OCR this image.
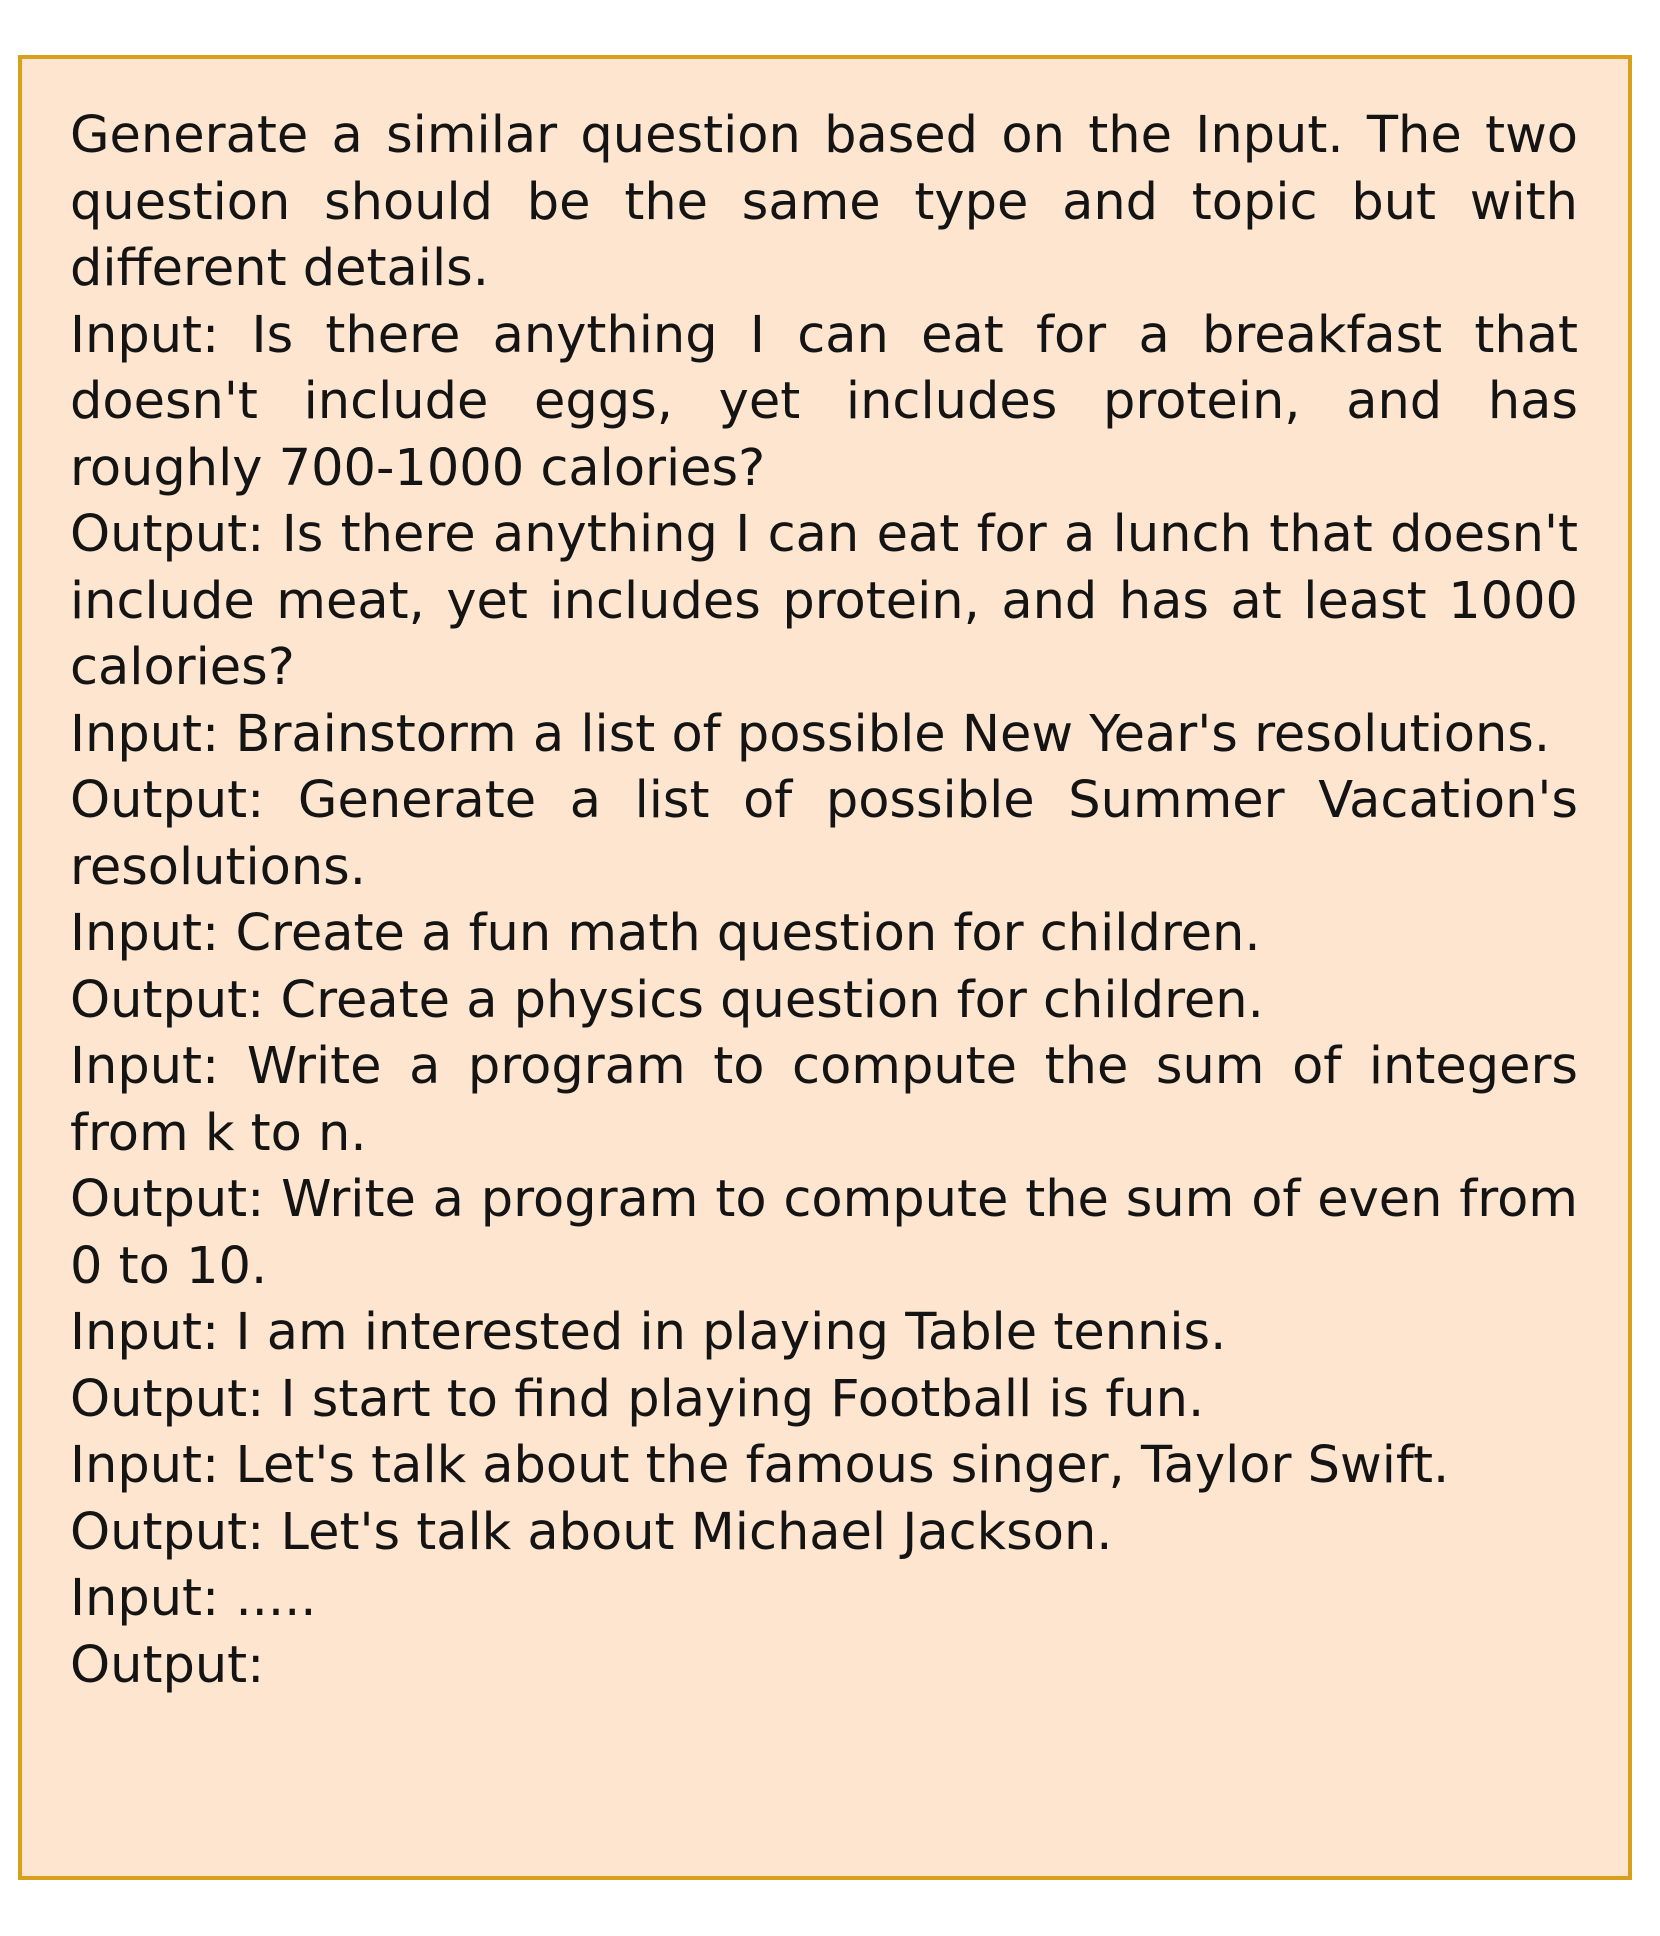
Generate a similar question based on the Input. The two question should be the same type and topic but with different details.

Input: Is there anything I can eat for a breakfast that doesn't include eggs, yet includes protein, and has roughly 700-1000 calories?

Output: Is there anything I can eat for a lunch that doesn't include meat, yet includes protein, and has at least 1000 calories?

Input: Brainstorm a list of possible New Year's resolutions.

Output: Generate a list of possible Summer Vacation's resolutions.

Input: Create a fun math question for children.

Output: Create a physics question for children.

Input: Write a program to compute the sum of integers from k to n.

Output: Write a program to compute the sum of even from 0 to 10.

Input: I am interested in playing Table tennis.

Output: I start to find playing Football is fun.

Input: Let's talk about the famous singer, Taylor Swift.

Output: Let's talk about Michael Jackson.

Input: .....

Output:
